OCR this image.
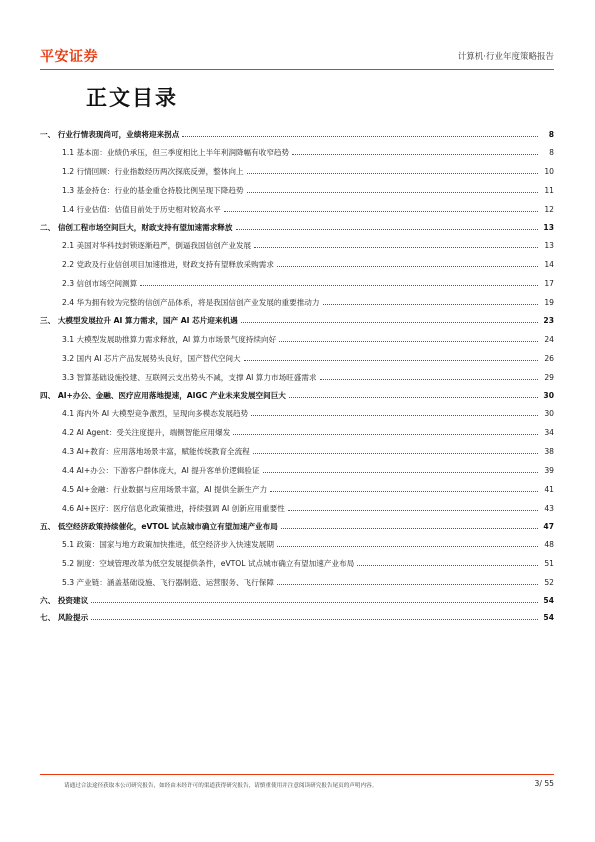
平安证券	计算机·行业年度策略报告
正文目录
一、 行业行情表现尚可，业绩将迎来拐点	8
1.1 基本面：业绩仍承压，但三季度相比上半年利润降幅有收窄趋势	8
1.2 行情回顾：行业指数经历两次探底反弹，整体向上	10
1.3 基金持仓：行业的基金重仓持股比例呈现下降趋势	11
1.4 行业估值：估值目前处于历史相对较高水平	12
二、 信创工程市场空间巨大，财政支持有望加速需求释放	13
2.1 美国对华科技封锁逐渐趋严，倒逼我国信创产业发展	13
2.2 党政及行业信创项目加速推进，财政支持有望释放采购需求	14
2.3 信创市场空间测算	17
2.4 华为拥有较为完整的信创产品体系，将是我国信创产业发展的重要推动力	19
三、 大模型发展拉升 AI 算力需求，国产 AI 芯片迎来机遇	23
3.1 大模型发展助推算力需求释放，AI 算力市场景气度持续向好	24
3.2 国内 AI 芯片产品发展势头良好，国产替代空间大	26
3.3 智算基础设施投建、互联网云支出势头不减，支撑 AI 算力市场旺盛需求	29
四、 AI+办公、金融、医疗应用落地提速，AIGC 产业未来发展空间巨大	30
4.1 海内外 AI 大模型竞争激烈，呈现向多模态发展趋势	30
4.2 AI Agent：受关注度提升，端侧智能应用爆发	34
4.3 AI+教育：应用落地场景丰富，赋能传统教育全流程	38
4.4 AI+办公：下游客户群体庞大，AI 提升客单价逻辑验证	39
4.5 AI+金融：行业数据与应用场景丰富，AI 提供全新生产力	41
4.6 AI+医疗：医疗信息化政策推进，持续强调 AI 创新应用重要性	43
五、 低空经济政策持续催化，eVTOL 试点城市确立有望加速产业布局	47
5.1 政策：国家与地方政策加快推进，低空经济步入快速发展期	48
5.2 制度：空域管理改革为低空发展提供条件，eVTOL 试点城市确立有望加速产业布局	51
5.3 产业链：涵盖基础设施、飞行器制造、运营服务、飞行保障	52
六、 投资建议	54
七、 风险提示	54
请通过合法途径获取本公司研究报告，如经由未经许可的渠道获得研究报告，请慎重使用并注意阅读研究报告尾页的声明内容。	3/ 55
